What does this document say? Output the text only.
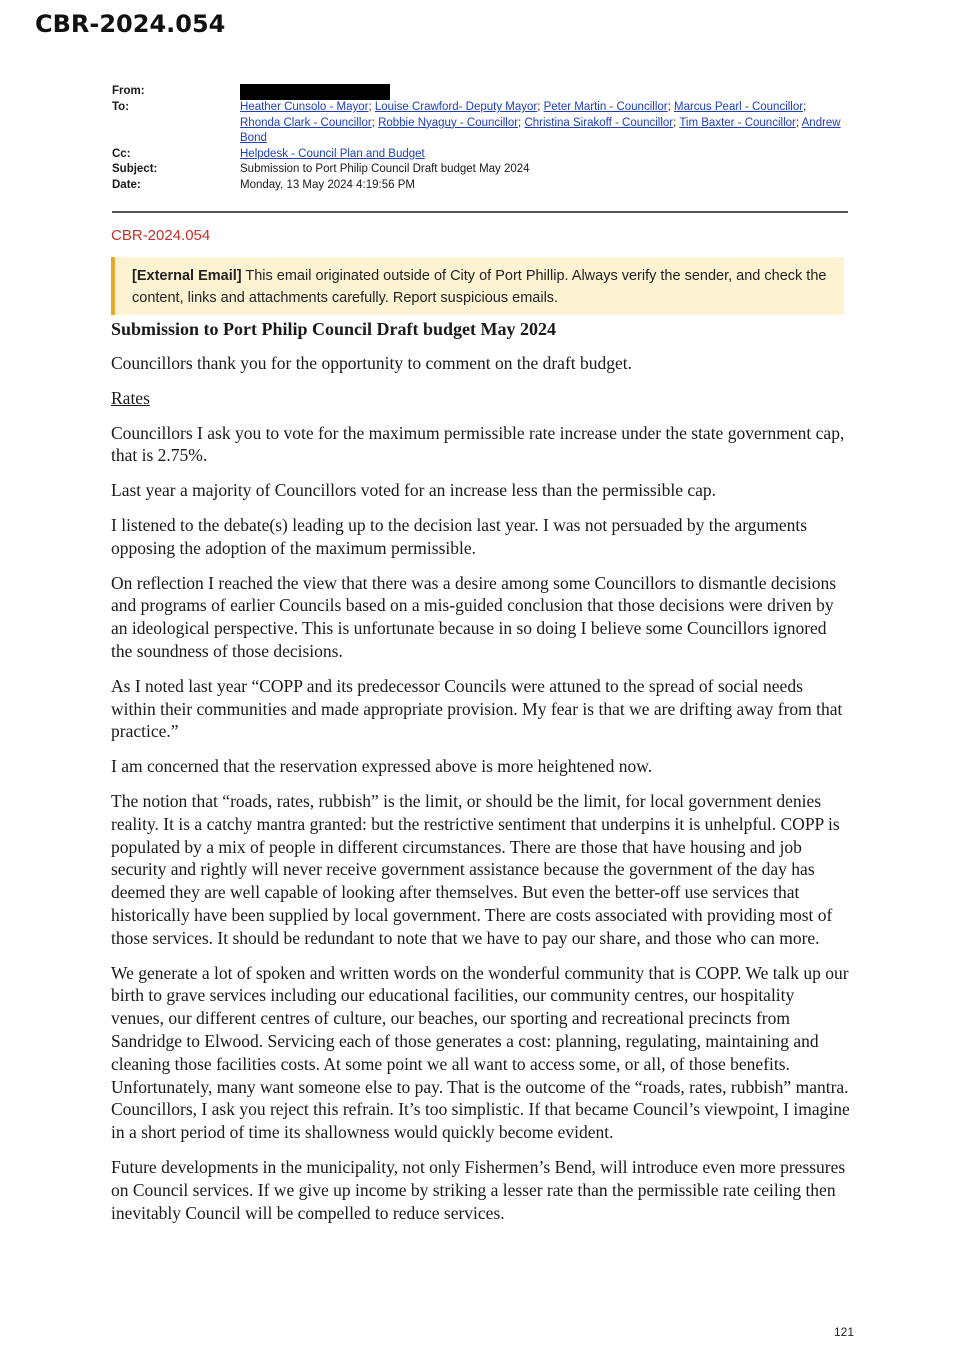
CBR-2024.054
From:
To:	Heather Cunsolo - Mayor; Louise Crawford- Deputy Mayor; Peter Martin - Councillor; Marcus Pearl - Councillor; Rhonda Clark - Councillor; Robbie Nyaguy - Councillor; Christina Sirakoff - Councillor; Tim Baxter - Councillor; Andrew Bond
Cc:	Helpdesk - Council Plan and Budget
Subject:	Submission to Port Philip Council Draft budget May 2024
Date:	Monday, 13 May 2024 4:19:56 PM
CBR-2024.054
[External Email] This email originated outside of City of Port Phillip. Always verify the sender, and check the content, links and attachments carefully. Report suspicious emails.
Submission to Port Philip Council Draft budget May 2024

Councillors thank you for the opportunity to comment on the draft budget.

Rates

Councillors I ask you to vote for the maximum permissible rate increase under the state government cap, that is 2.75%.

Last year a majority of Councillors voted for an increase less than the permissible cap.

I listened to the debate(s) leading up to the decision last year. I was not persuaded by the arguments opposing the adoption of the maximum permissible.

On reflection I reached the view that there was a desire among some Councillors to dismantle decisions and programs of earlier Councils based on a mis-guided conclusion that those decisions were driven by an ideological perspective. This is unfortunate because in so doing I believe some Councillors ignored the soundness of those decisions.

As I noted last year “COPP and its predecessor Councils were attuned to the spread of social needs within their communities and made appropriate provision. My fear is that we are drifting away from that practice.”

I am concerned that the reservation expressed above is more heightened now.

The notion that “roads, rates, rubbish” is the limit, or should be the limit, for local government denies reality. It is a catchy mantra granted: but the restrictive sentiment that underpins it is unhelpful. COPP is populated by a mix of people in different circumstances. There are those that have housing and job security and rightly will never receive government assistance because the government of the day has deemed they are well capable of looking after themselves. But even the better-off use services that historically have been supplied by local government. There are costs associated with providing most of those services. It should be redundant to note that we have to pay our share, and those who can more.

We generate a lot of spoken and written words on the wonderful community that is COPP. We talk up our birth to grave services including our educational facilities, our community centres, our hospitality venues, our different centres of culture, our beaches, our sporting and recreational precincts from Sandridge to Elwood. Servicing each of those generates a cost: planning, regulating, maintaining and cleaning those facilities costs. At some point we all want to access some, or all, of those benefits. Unfortunately, many want someone else to pay. That is the outcome of the “roads, rates, rubbish” mantra. Councillors, I ask you reject this refrain. It’s too simplistic. If that became Council’s viewpoint, I imagine in a short period of time its shallowness would quickly become evident.

Future developments in the municipality, not only Fishermen’s Bend, will introduce even more pressures on Council services. If we give up income by striking a lesser rate than the permissible rate ceiling then inevitably Council will be compelled to reduce services.

121
